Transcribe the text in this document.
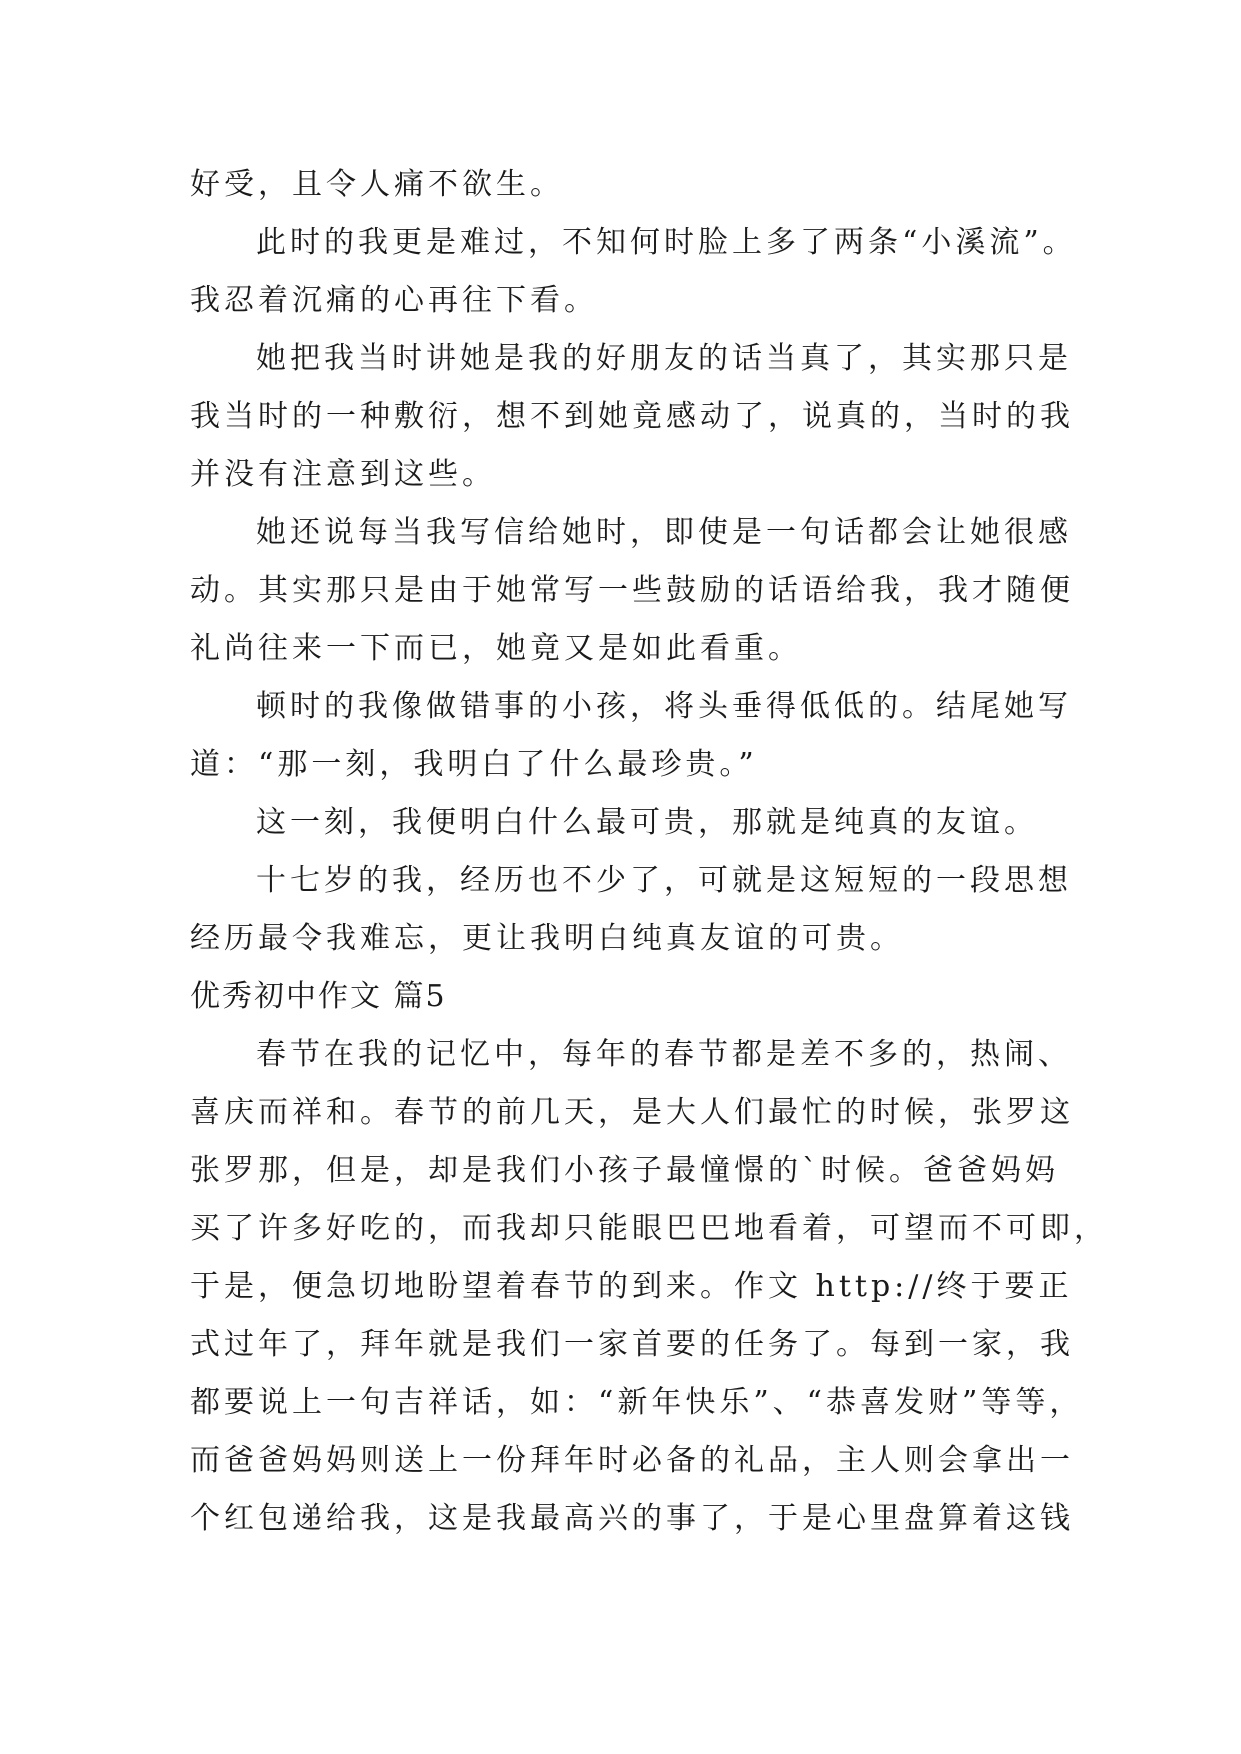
好受，且令人痛不欲生。
此时的我更是难过，不知何时脸上多了两条“小溪流”。
我忍着沉痛的心再往下看。
她把我当时讲她是我的好朋友的话当真了，其实那只是
我当时的一种敷衍，想不到她竟感动了，说真的，当时的我
并没有注意到这些。
她还说每当我写信给她时，即使是一句话都会让她很感
动。其实那只是由于她常写一些鼓励的话语给我，我才随便
礼尚往来一下而已，她竟又是如此看重。
顿时的我像做错事的小孩，将头垂得低低的。结尾她写
道：“那一刻，我明白了什么最珍贵。”
这一刻，我便明白什么最可贵，那就是纯真的友谊。
十七岁的我，经历也不少了，可就是这短短的一段思想
经历最令我难忘，更让我明白纯真友谊的可贵。
优秀初中作文 篇5
春节在我的记忆中，每年的春节都是差不多的，热闹、
喜庆而祥和。春节的前几天，是大人们最忙的时候，张罗这
张罗那，但是，却是我们小孩子最憧憬的`时候。爸爸妈妈
买了许多好吃的，而我却只能眼巴巴地看着，可望而不可即，
于是，便急切地盼望着春节的到来。作文 http://终于要正
式过年了，拜年就是我们一家首要的任务了。每到一家，我
都要说上一句吉祥话，如：“新年快乐”、“恭喜发财”等等，
而爸爸妈妈则送上一份拜年时必备的礼品，主人则会拿出一
个红包递给我，这是我最高兴的事了，于是心里盘算着这钱
